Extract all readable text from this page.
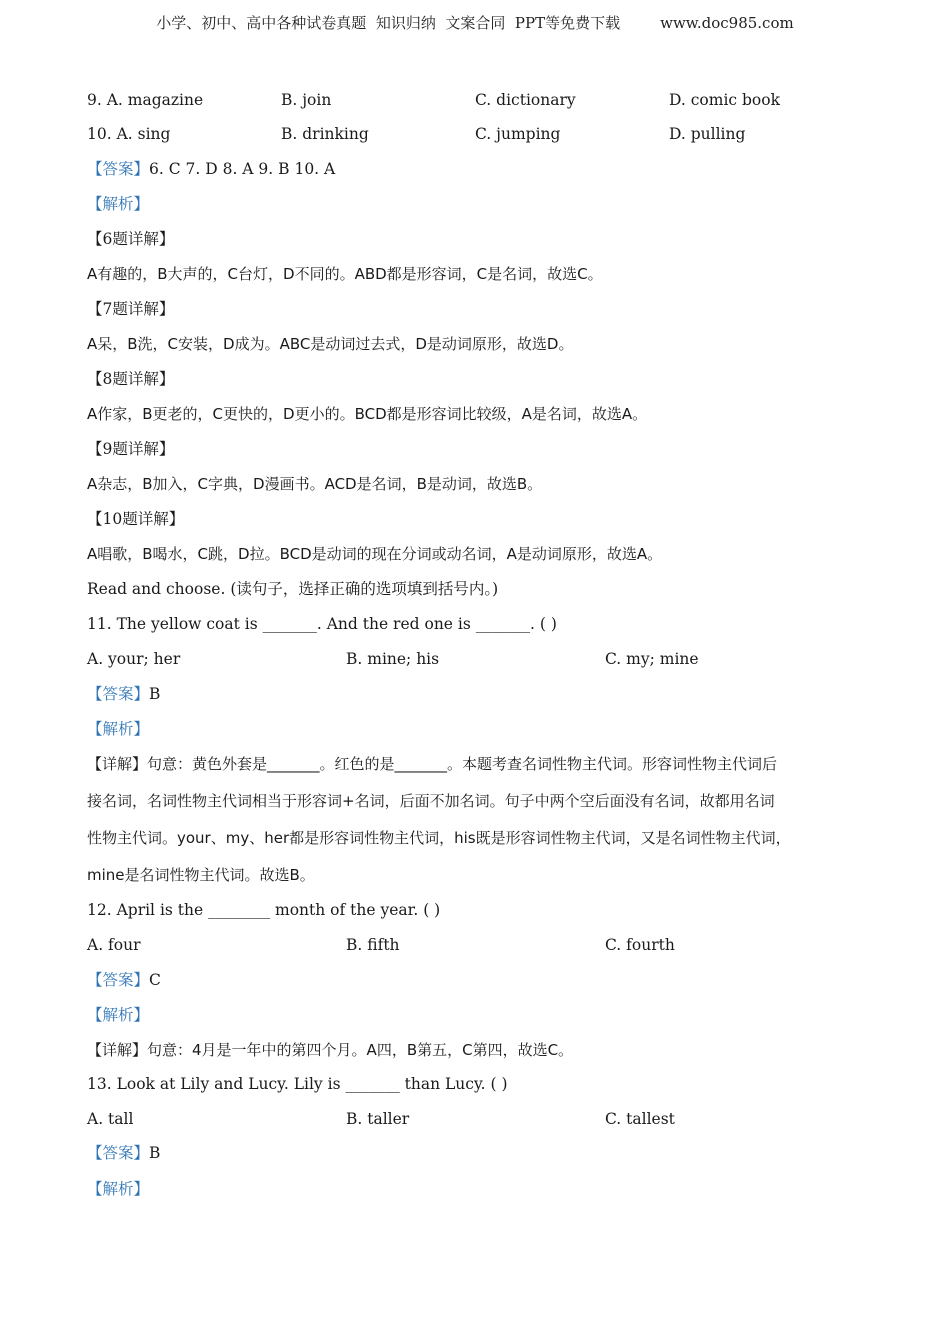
小学、初中、高中各种试卷真题  知识归纳  文案合同  PPT等免费下载	www.doc985.com
9. A. magazine	B. join	C. dictionary	D. comic book
10. A. sing	B. drinking	C. jumping	D. pulling
【答案】6. C 7. D 8. A 9. B 10. A
【解析】
【6题详解】
A有趣的，B大声的，C台灯，D不同的。ABD都是形容词，C是名词，故选C。
【7题详解】
A呆，B洗，C安装，D成为。ABC是动词过去式，D是动词原形，故选D。
【8题详解】
A作家，B更老的，C更快的，D更小的。BCD都是形容词比较级，A是名词，故选A。
【9题详解】
A杂志，B加入，C字典，D漫画书。ACD是名词，B是动词，故选B。
【10题详解】
A唱歌，B喝水，C跳，D拉。BCD是动词的现在分词或动名词，A是动词原形，故选A。
Read and choose. (读句子，选择正确的选项填到括号内。)
11. The yellow coat is _______. And the red one is _______. ( )
A. your; her	B. mine; his	C. my; mine
【答案】B
【解析】
【详解】句意：黄色外套是_______。红色的是_______。本题考查名词性物主代词。形容词性物主代词后
接名词，名词性物主代词相当于形容词+名词，后面不加名词。句子中两个空后面没有名词，故都用名词
性物主代词。your、my、her都是形容词性物主代词，his既是形容词性物主代词，又是名词性物主代词，
mine是名词性物主代词。故选B。
12. April is the ________ month of the year. ( )
A. four	B. fifth	C. fourth
【答案】C
【解析】
【详解】句意：4月是一年中的第四个月。A四，B第五，C第四，故选C。
13. Look at Lily and Lucy. Lily is _______ than Lucy. ( )
A. tall	B. taller	C. tallest
【答案】B
【解析】
